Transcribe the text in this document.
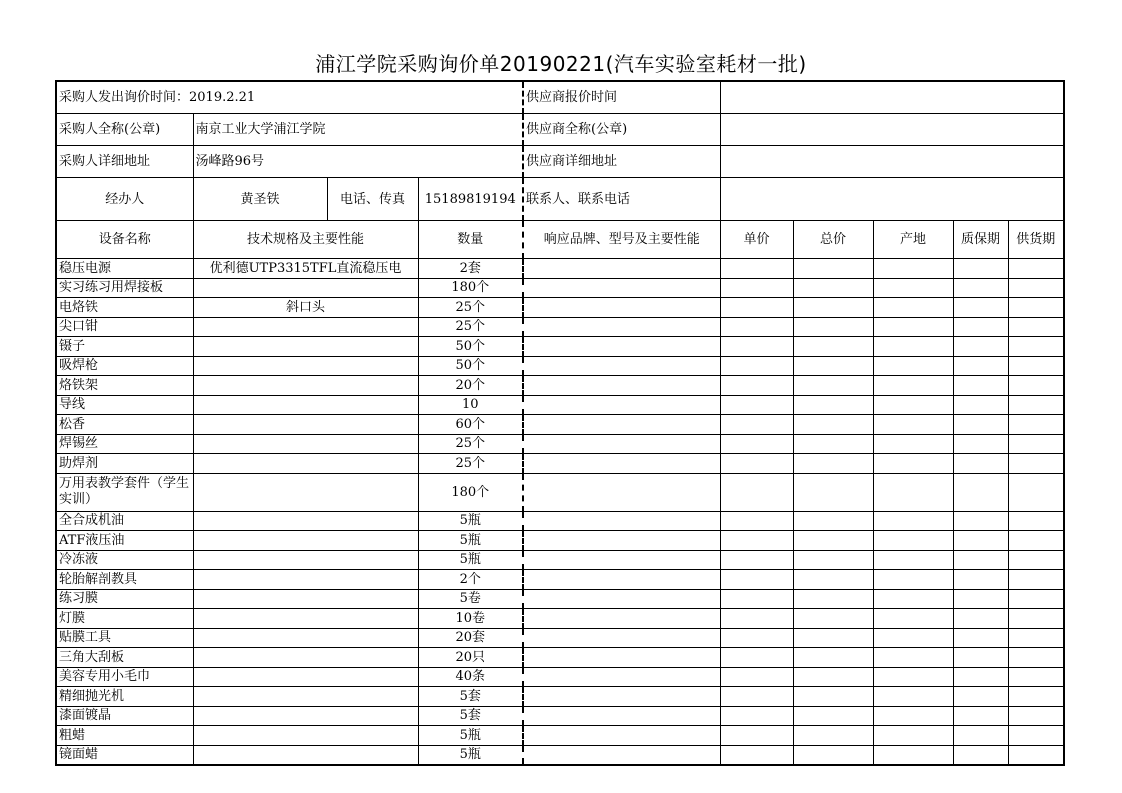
浦江学院采购询价单20190221(汽车实验室耗材一批)
采购人发出询价时间：2019.2.21				供应商报价时间					
采购人全称(公章)	南京工业大学浦江学院			供应商全称(公章)					
采购人详细地址	汤峰路96号			供应商详细地址					
经办人	黄圣铁	电话、传真	15189819194	联系人、联系电话					
设备名称	技术规格及主要性能		数量	响应品牌、型号及主要性能	单价	总价	产地	质保期	供货期
稳压电源	优利德UTP3315TFL直流稳压电		2套						
实习练习用焊接板			180个						
电烙铁	斜口头		25个						
尖口钳			25个						
镊子			50个						
吸焊枪			50个						
烙铁架			20个						
导线			10						
松香			60个						
焊锡丝			25个						
助焊剂			25个						
万用表教学套件（学生实训）			180个						
全合成机油			5瓶						
ATF液压油			5瓶						
冷冻液			5瓶						
轮胎解剖教具			2个						
练习膜			5卷						
灯膜			10卷						
贴膜工具			20套						
三角大刮板			20只						
美容专用小毛巾			40条						
精细抛光机			5套						
漆面镀晶			5套						
粗蜡			5瓶						
镜面蜡			5瓶						
